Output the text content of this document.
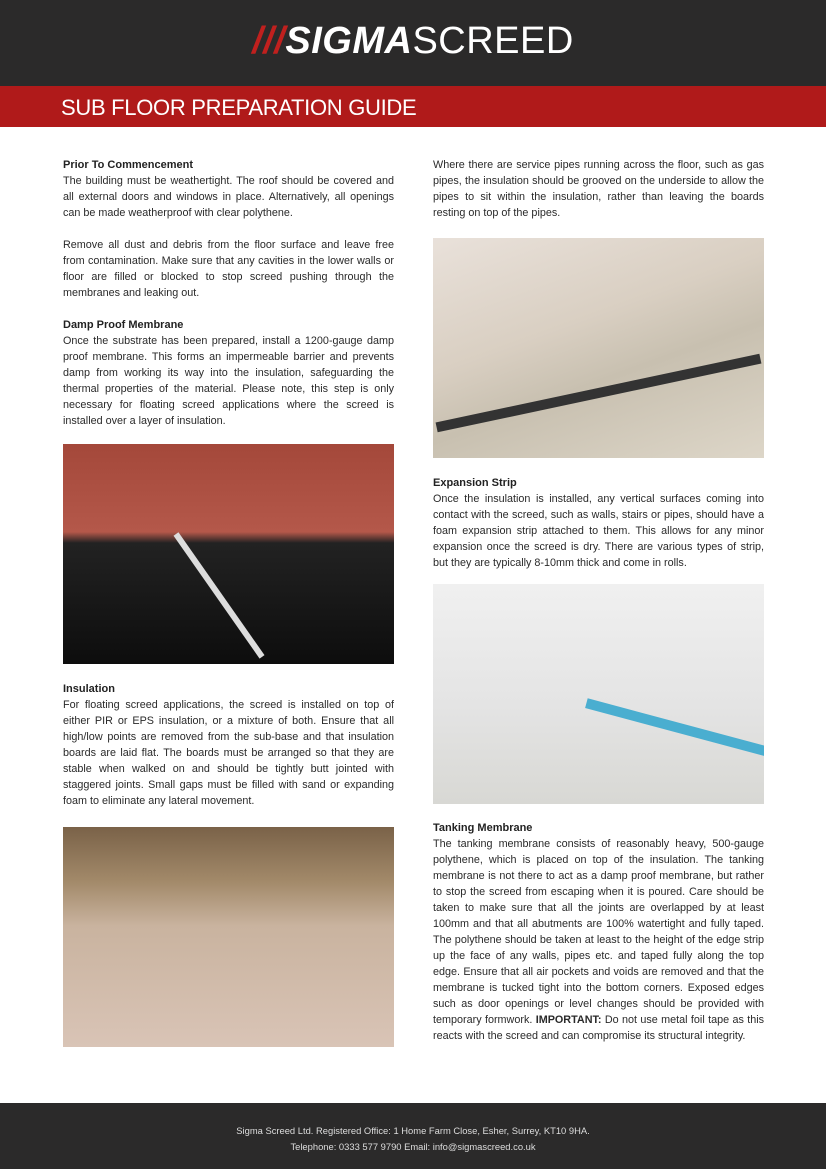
///SIGMASCREED
SUB FLOOR PREPARATION GUIDE
Prior To Commencement

The building must be weathertight. The roof should be covered and all external doors and windows in place. Alternatively, all openings can be made weatherproof with clear polythene.

Remove all dust and debris from the floor surface and leave free from contamination. Make sure that any cavities in the lower walls or floor are filled or blocked to stop screed pushing through the membranes and leaking out.

Damp Proof Membrane

Once the substrate has been prepared, install a 1200-gauge damp proof membrane. This forms an impermeable barrier and prevents damp from working its way into the insulation, safeguarding the thermal properties of the material. Please note, this step is only necessary for floating screed applications where the screed is installed over a layer of insulation.

Insulation

For floating screed applications, the screed is installed on top of either PIR or EPS insulation, or a mixture of both. Ensure that all high/low points are removed from the sub-base and that insulation boards are laid flat. The boards must be arranged so that they are stable when walked on and should be tightly butt jointed with staggered joints. Small gaps must be filled with sand or expanding foam to eliminate any lateral movement.

Where there are service pipes running across the floor, such as gas pipes, the insulation should be grooved on the underside to allow the pipes to sit within the insulation, rather than leaving the boards resting on top of the pipes.

Expansion Strip

Once the insulation is installed, any vertical surfaces coming into contact with the screed, such as walls, stairs or pipes, should have a foam expansion strip attached to them. This allows for any minor expansion once the screed is dry. There are various types of strip, but they are typically 8-10mm thick and come in rolls.

Tanking Membrane

The tanking membrane consists of reasonably heavy, 500-gauge polythene, which is placed on top of the insulation. The tanking membrane is not there to act as a damp proof membrane, but rather to stop the screed from escaping when it is poured. Care should be taken to make sure that all the joints are overlapped by at least 100mm and that all abutments are 100% watertight and fully taped. The polythene should be taken at least to the height of the edge strip up the face of any walls, pipes etc. and taped fully along the top edge. Ensure that all air pockets and voids are removed and that the membrane is tucked tight into the bottom corners. Exposed edges such as door openings or level changes should be provided with temporary formwork. IMPORTANT: Do not use metal foil tape as this reacts with the screed and can compromise its structural integrity.

Sigma Screed Ltd. Registered Office: 1 Home Farm Close, Esher, Surrey, KT10 9HA.
Telephone: 0333 577 9790 Email: info@sigmascreed.co.uk
